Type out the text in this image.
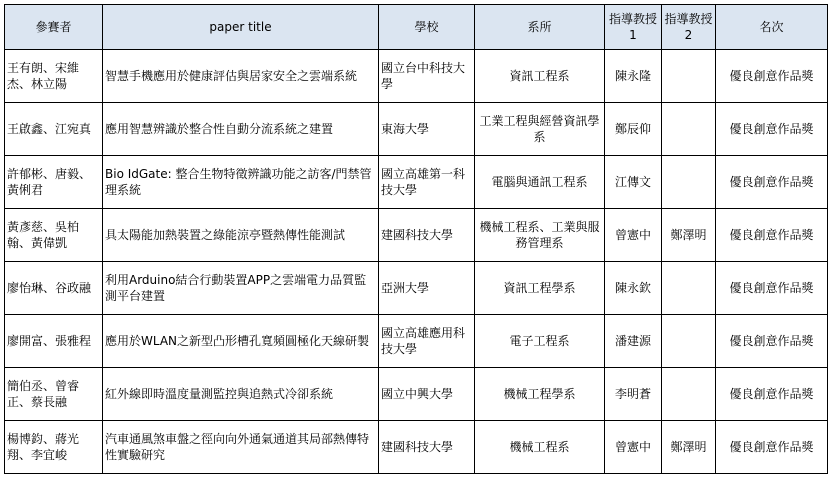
參賽者	paper title	學校	系所	指導教授1	指導教授2	名次
王有朗、宋維杰、林立陽	智慧手機應用於健康評估與居家安全之雲端系統	國立台中科技大學	資訊工程系	陳永隆		優良創意作品獎
王啟鑫、江宛真	應用智慧辨識於整合性自動分流系統之建置	東海大學	工業工程與經營資訊學系	鄭辰仰		優良創意作品獎
許郁彬、唐毅、黃俐君	Bio IdGate: 整合生物特徵辨識功能之訪客/門禁管理系統	國立高雄第一科技大學	電腦與通訊工程系	江傳文		優良創意作品獎
黃彥慈、吳柏翰、黃偉凱	具太陽能加熱裝置之綠能涼亭暨熱傳性能測試	建國科技大學	機械工程系、工業與服務管理系	曾憲中	鄭澤明	優良創意作品獎
廖怡琳、谷政融	利用Arduino結合行動裝置APP之雲端電力品質監測平台建置	亞洲大學	資訊工程學系	陳永欽		優良創意作品獎
廖開富、張雅程	應用於WLAN之新型凸形槽孔寬頻圓極化天線研製	國立高雄應用科技大學	電子工程系	潘建源		優良創意作品獎
簡伯丞、曾睿正、蔡長融	紅外線即時溫度量測監控與追熱式冷卻系統	國立中興大學	機械工程學系	李明蒼		優良創意作品獎
楊博鈞、蔣光翔、李宜峻	汽車通風煞車盤之徑向向外通氣通道其局部熱傳特性實驗研究	建國科技大學	機械工程系	曾憲中	鄭澤明	優良創意作品獎
